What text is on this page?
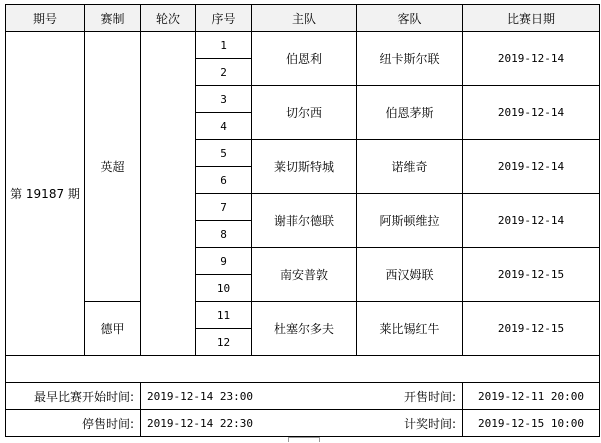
期号	赛制	轮次	序号	主队	客队	比赛日期
第 19187 期	英超		1	伯恩利	纽卡斯尔联	2019-12-14
			2			
			3	切尔西	伯恩茅斯	2019-12-14
			4			
			5	莱切斯特城	诺维奇	2019-12-14
			6			
			7	谢菲尔德联	阿斯顿维拉	2019-12-14
			8			
			9	南安普敦	西汉姆联	2019-12-15
			10			
	德甲		11	杜塞尔多夫	莱比锡红牛	2019-12-15
			12			

最早比赛开始时间:		2019-12-14 23:00			开售时间:	2019-12-11 20:00
停售时间:		2019-12-14 22:30			计奖时间:	2019-12-15 10:00
